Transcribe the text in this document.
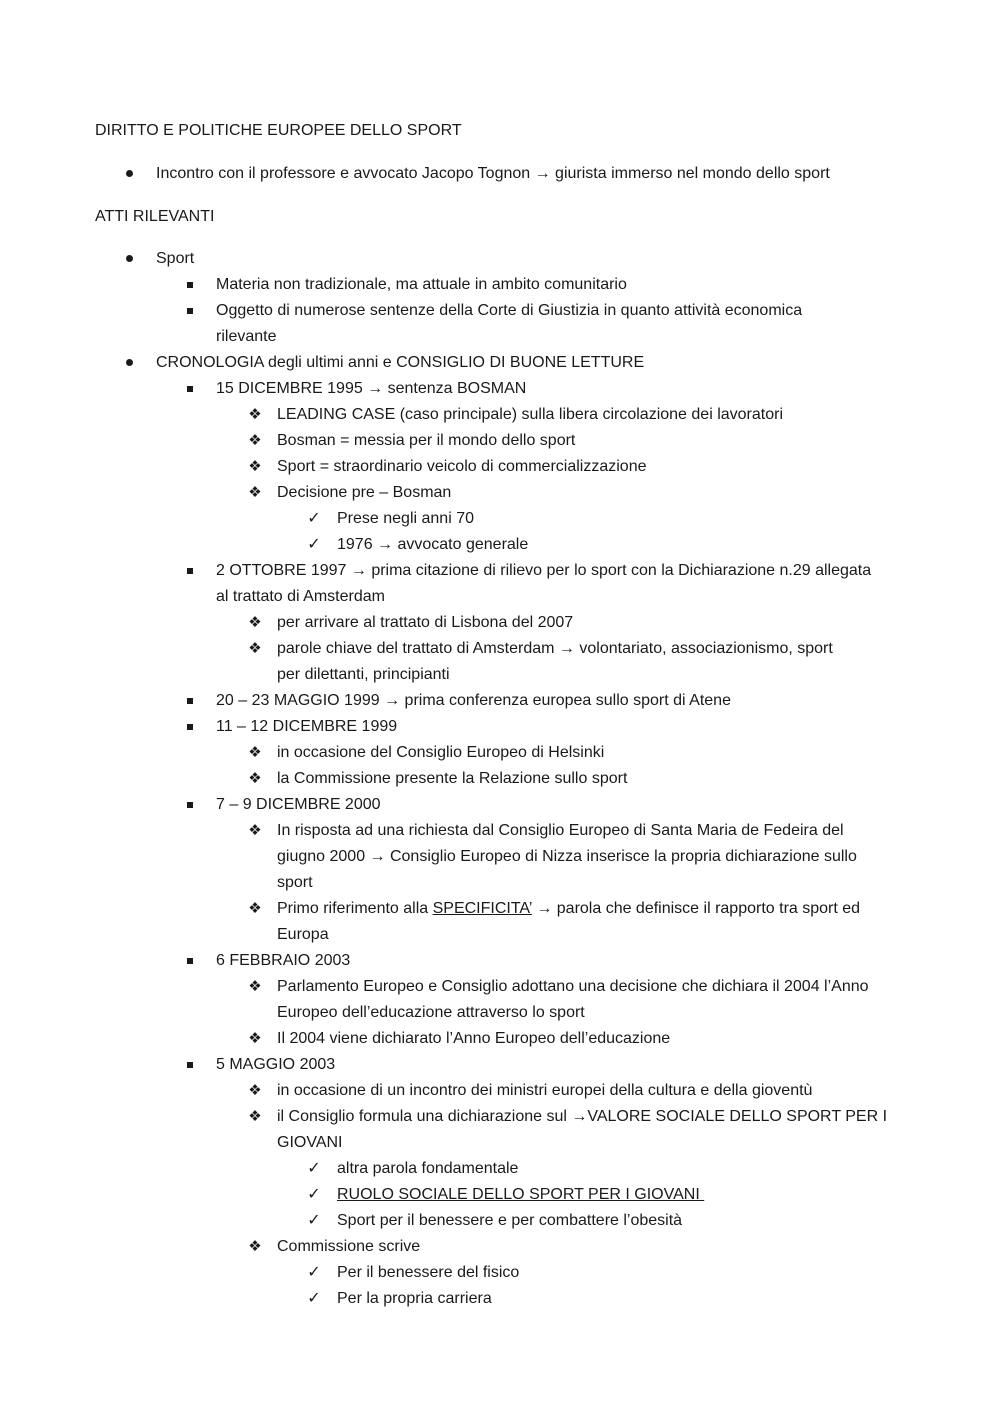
DIRITTO E POLITICHE EUROPEE DELLO SPORT
Incontro con il professore e avvocato Jacopo Tognon → giurista immerso nel mondo dello sport
ATTI RILEVANTI
Sport
Materia non tradizionale, ma attuale in ambito comunitario
Oggetto di numerose sentenze della Corte di Giustizia in quanto attività economica
rilevante
CRONOLOGIA degli ultimi anni e CONSIGLIO DI BUONE LETTURE
15 DICEMBRE 1995 → sentenza BOSMAN
❖ LEADING CASE (caso principale) sulla libera circolazione dei lavoratori
❖ Bosman = messia per il mondo dello sport
❖ Sport = straordinario veicolo di commercializzazione
❖ Decisione pre – Bosman
✓ Prese negli anni 70
✓ 1976 → avvocato generale
2 OTTOBRE 1997 → prima citazione di rilievo per lo sport con la Dichiarazione n.29 allegata
al trattato di Amsterdam
❖ per arrivare al trattato di Lisbona del 2007
❖ parole chiave del trattato di Amsterdam → volontariato, associazionismo, sport
per dilettanti, principianti
20 – 23 MAGGIO 1999 → prima conferenza europea sullo sport di Atene
11 – 12 DICEMBRE 1999
❖ in occasione del Consiglio Europeo di Helsinki
❖ la Commissione presente la Relazione sullo sport
7 – 9 DICEMBRE 2000
❖ In risposta ad una richiesta dal Consiglio Europeo di Santa Maria de Fedeira del
giugno 2000 → Consiglio Europeo di Nizza inserisce la propria dichiarazione sullo
sport
❖ Primo riferimento alla SPECIFICITA’ → parola che definisce il rapporto tra sport ed
Europa
6 FEBBRAIO 2003
❖ Parlamento Europeo e Consiglio adottano una decisione che dichiara il 2004 l’Anno
Europeo dell’educazione attraverso lo sport
❖ Il 2004 viene dichiarato l’Anno Europeo dell’educazione
5 MAGGIO 2003
❖ in occasione di un incontro dei ministri europei della cultura e della gioventù
❖ il Consiglio formula una dichiarazione sul →VALORE SOCIALE DELLO SPORT PER I
GIOVANI
✓ altra parola fondamentale
✓ RUOLO SOCIALE DELLO SPORT PER I GIOVANI
✓ Sport per il benessere e per combattere l’obesità
❖ Commissione scrive
✓ Per il benessere del fisico
✓ Per la propria carriera
